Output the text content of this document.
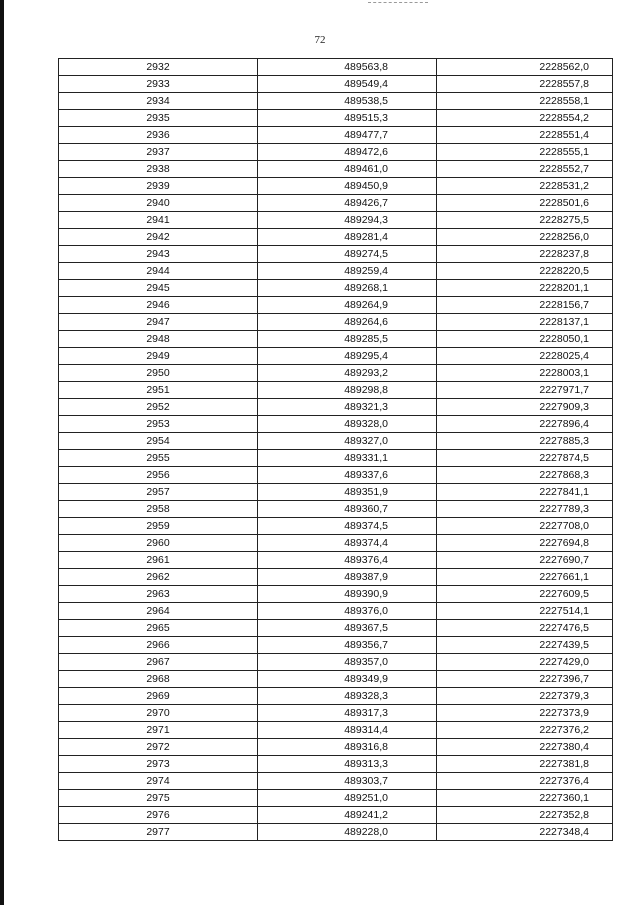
72
2932	489563,8	2228562,0
2933	489549,4	2228557,8
2934	489538,5	2228558,1
2935	489515,3	2228554,2
2936	489477,7	2228551,4
2937	489472,6	2228555,1
2938	489461,0	2228552,7
2939	489450,9	2228531,2
2940	489426,7	2228501,6
2941	489294,3	2228275,5
2942	489281,4	2228256,0
2943	489274,5	2228237,8
2944	489259,4	2228220,5
2945	489268,1	2228201,1
2946	489264,9	2228156,7
2947	489264,6	2228137,1
2948	489285,5	2228050,1
2949	489295,4	2228025,4
2950	489293,2	2228003,1
2951	489298,8	2227971,7
2952	489321,3	2227909,3
2953	489328,0	2227896,4
2954	489327,0	2227885,3
2955	489331,1	2227874,5
2956	489337,6	2227868,3
2957	489351,9	2227841,1
2958	489360,7	2227789,3
2959	489374,5	2227708,0
2960	489374,4	2227694,8
2961	489376,4	2227690,7
2962	489387,9	2227661,1
2963	489390,9	2227609,5
2964	489376,0	2227514,1
2965	489367,5	2227476,5
2966	489356,7	2227439,5
2967	489357,0	2227429,0
2968	489349,9	2227396,7
2969	489328,3	2227379,3
2970	489317,3	2227373,9
2971	489314,4	2227376,2
2972	489316,8	2227380,4
2973	489313,3	2227381,8
2974	489303,7	2227376,4
2975	489251,0	2227360,1
2976	489241,2	2227352,8
2977	489228,0	2227348,4
